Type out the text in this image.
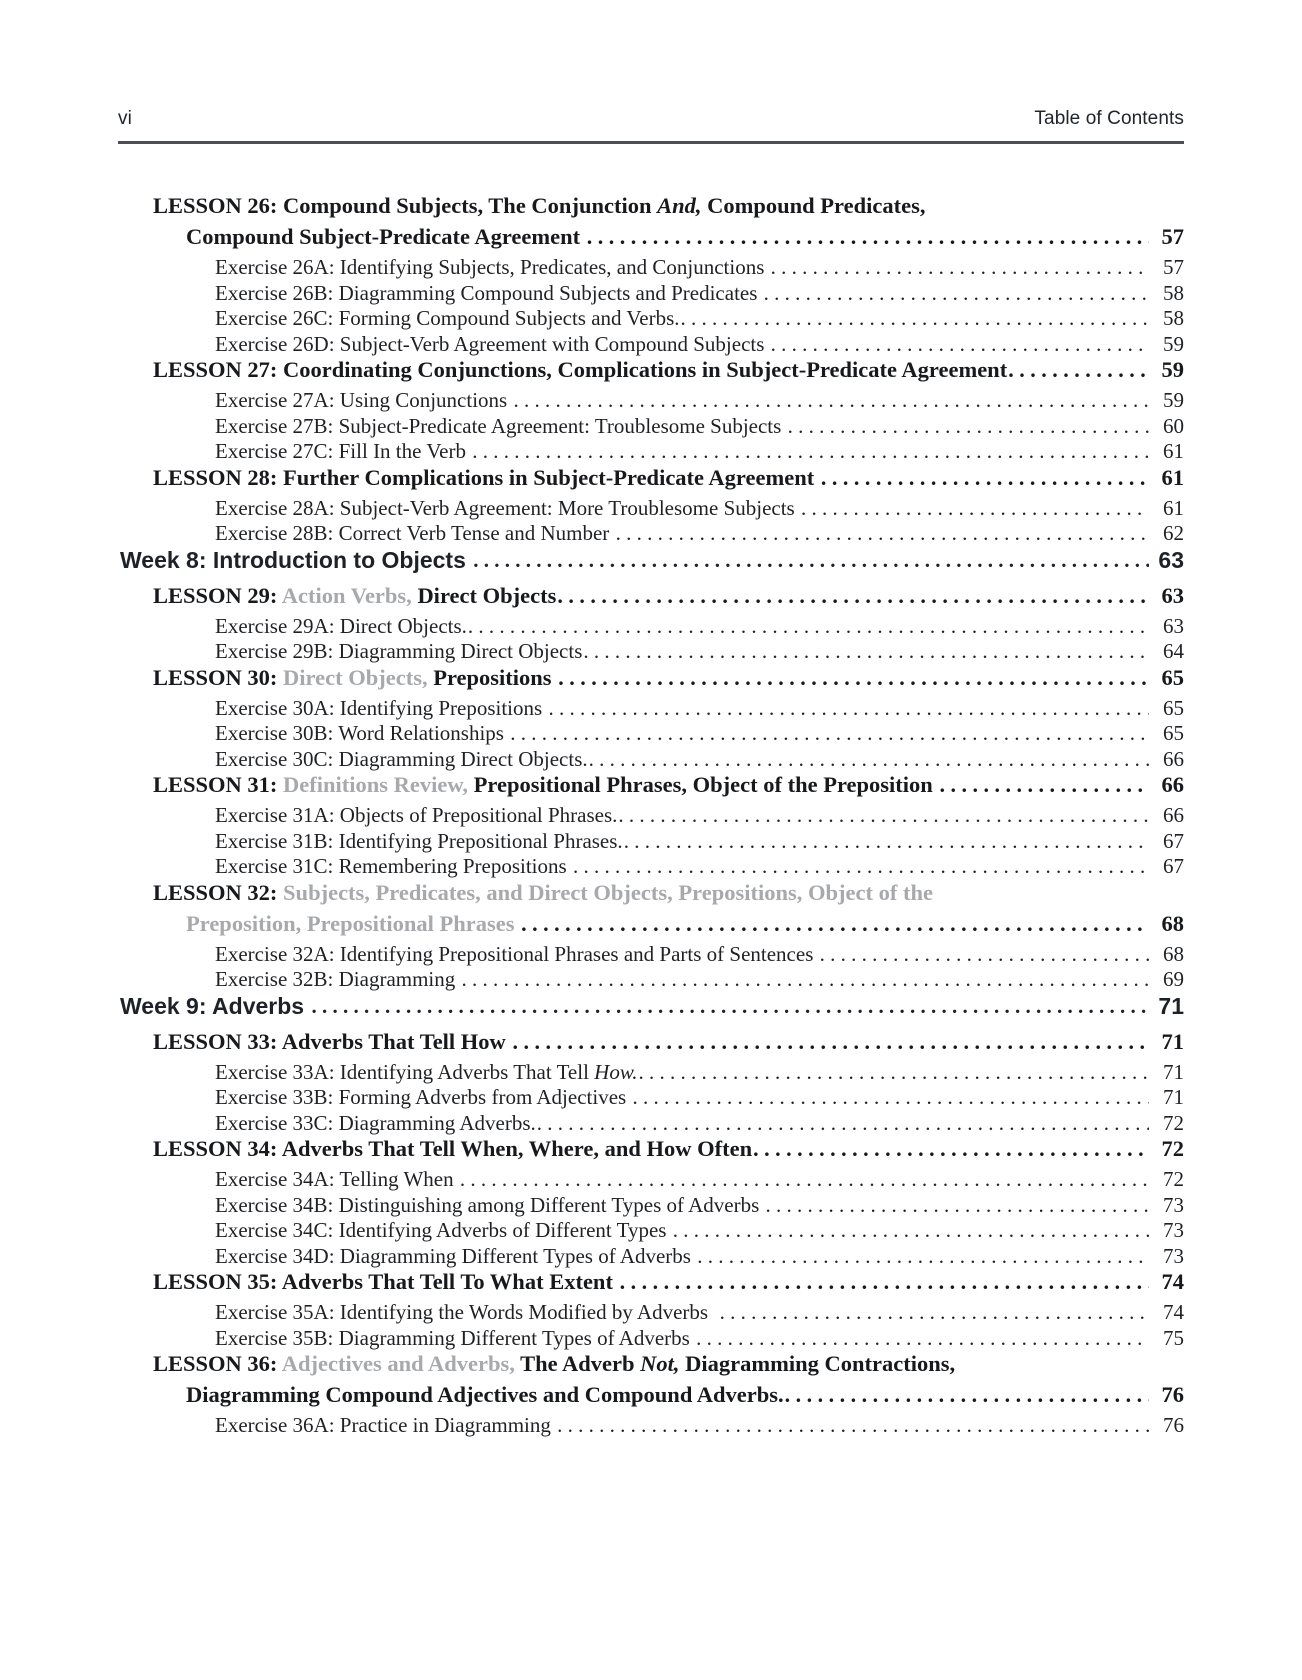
vi	Table of Contents
LESSON 26: Compound Subjects, The Conjunction And, Compound Predicates,
Compound Subject-Predicate Agreement . . .	57
Exercise 26A: Identifying Subjects, Predicates, and Conjunctions . . .	57
Exercise 26B: Diagramming Compound Subjects and Predicates . . .	58
Exercise 26C: Forming Compound Subjects and Verbs. . . .	58
Exercise 26D: Subject-Verb Agreement with Compound Subjects . . .	59
LESSON 27: Coordinating Conjunctions, Complications in Subject-Predicate Agreement . . .	59
Exercise 27A: Using Conjunctions . . .	59
Exercise 27B: Subject-Predicate Agreement: Troublesome Subjects . . .	60
Exercise 27C: Fill In the Verb . . .	61
LESSON 28: Further Complications in Subject-Predicate Agreement . . .	61
Exercise 28A: Subject-Verb Agreement: More Troublesome Subjects . . .	61
Exercise 28B: Correct Verb Tense and Number . . .	62
Week 8: Introduction to Objects . . .	63
LESSON 29: Action Verbs, Direct Objects . . .	63
Exercise 29A: Direct Objects. . . .	63
Exercise 29B: Diagramming Direct Objects . . .	64
LESSON 30: Direct Objects, Prepositions . . .	65
Exercise 30A: Identifying Prepositions . . .	65
Exercise 30B: Word Relationships . . .	65
Exercise 30C: Diagramming Direct Objects. . . .	66
LESSON 31: Definitions Review, Prepositional Phrases, Object of the Preposition . . .	66
Exercise 31A: Objects of Prepositional Phrases. . . .	66
Exercise 31B: Identifying Prepositional Phrases. . . .	67
Exercise 31C: Remembering Prepositions . . .	67
LESSON 32: Subjects, Predicates, and Direct Objects, Prepositions, Object of the
Preposition, Prepositional Phrases . . .	68
Exercise 32A: Identifying Prepositional Phrases and Parts of Sentences . . .	68
Exercise 32B: Diagramming . . .	69
Week 9: Adverbs . . .	71
LESSON 33: Adverbs That Tell How . . .	71
Exercise 33A: Identifying Adverbs That Tell How. . . .	71
Exercise 33B: Forming Adverbs from Adjectives . . .	71
Exercise 33C: Diagramming Adverbs. . . .	72
LESSON 34: Adverbs That Tell When, Where, and How Often . . .	72
Exercise 34A: Telling When . . .	72
Exercise 34B: Distinguishing among Different Types of Adverbs . . .	73
Exercise 34C: Identifying Adverbs of Different Types . . .	73
Exercise 34D: Diagramming Different Types of Adverbs . . .	73
LESSON 35: Adverbs That Tell To What Extent . . .	74
Exercise 35A: Identifying the Words Modified by Adverbs . . .	74
Exercise 35B: Diagramming Different Types of Adverbs . . .	75
LESSON 36: Adjectives and Adverbs, The Adverb Not, Diagramming Contractions,
Diagramming Compound Adjectives and Compound Adverbs. . . .	76
Exercise 36A: Practice in Diagramming . . .	76
